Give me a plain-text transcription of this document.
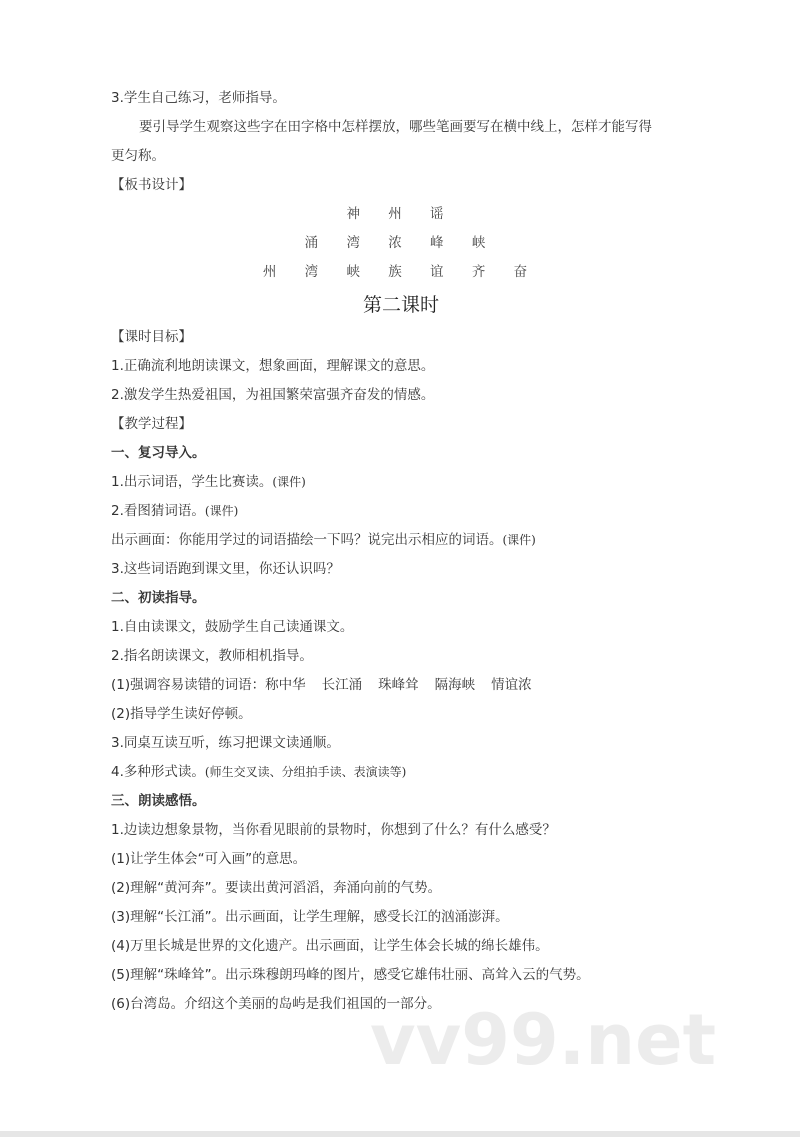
3.学生自己练习，老师指导。
要引导学生观察这些字在田字格中怎样摆放，哪些笔画要写在横中线上，怎样才能写得
更匀称。
【板书设计】
神 州 谣
涌 湾 浓 峰 峡
州 湾 峡 族 谊 齐 奋
第二课时
【课时目标】
1.正确流利地朗读课文，想象画面，理解课文的意思。
2.激发学生热爱祖国，为祖国繁荣富强齐奋发的情感。
【教学过程】
一、复习导入。
1.出示词语，学生比赛读。(课件)
2.看图猜词语。(课件)
出示画面：你能用学过的词语描绘一下吗？说完出示相应的词语。(课件)
3.这些词语跑到课文里，你还认识吗？
二、初读指导。
1.自由读课文，鼓励学生自己读通课文。
2.指名朗读课文，教师相机指导。
(1)强调容易读错的词语：称中华 长江涌 珠峰耸 隔海峡 情谊浓
(2)指导学生读好停顿。
3.同桌互读互听，练习把课文读通顺。
4.多种形式读。(师生交叉读、分组拍手读、表演读等)
三、朗读感悟。
1.边读边想象景物，当你看见眼前的景物时，你想到了什么？有什么感受？
(1)让学生体会“可入画”的意思。
(2)理解“黄河奔”。要读出黄河滔滔，奔涌向前的气势。
(3)理解“长江涌”。出示画面，让学生理解，感受长江的汹涌澎湃。
(4)万里长城是世界的文化遗产。出示画面，让学生体会长城的绵长雄伟。
(5)理解“珠峰耸”。出示珠穆朗玛峰的图片，感受它雄伟壮丽、高耸入云的气势。
(6)台湾岛。介绍这个美丽的岛屿是我们祖国的一部分。
vv99.net
